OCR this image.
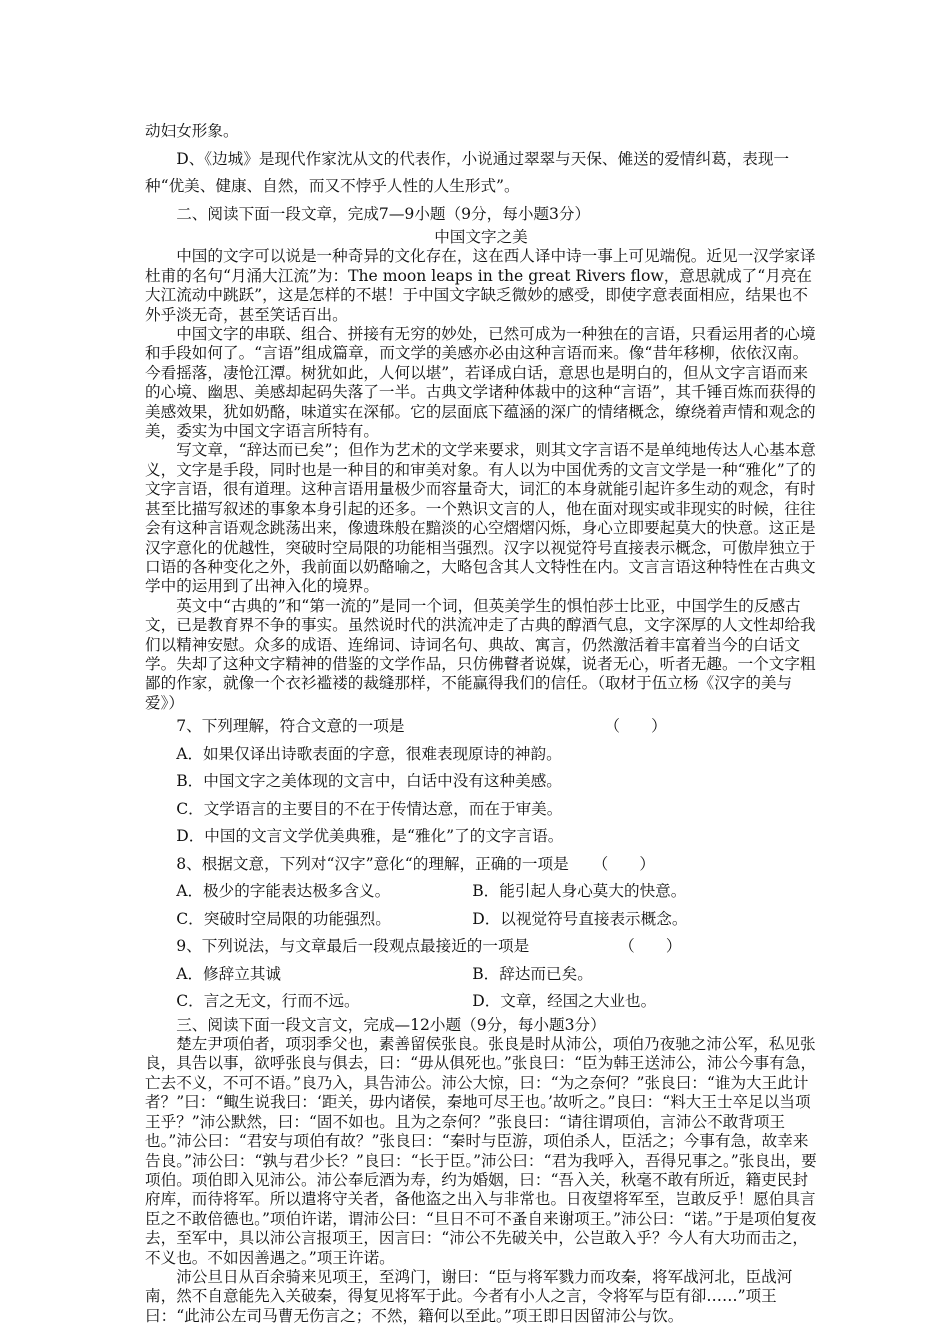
动妇女形象。

D、《边城》是现代作家沈从文的代表作，小说通过翠翠与天保、傩送的爱情纠葛，表现一种“优美、健康、自然，而又不悖乎人性的人生形式”。

二、阅读下面一段文章，完成7—9小题（9分，每小题3分）

中国文字之美

中国的文字可以说是一种奇异的文化存在，这在西人译中诗一事上可见端倪。近见一汉学家译杜甫的名句“月涌大江流”为：The moon leaps in the great Rivers flow，意思就成了“月亮在大江流动中跳跃”，这是怎样的不堪！于中国文字缺乏微妙的感受，即使字意表面相应，结果也不外乎淡无奇，甚至笑话百出。

中国文字的串联、组合、拼接有无穷的妙处，已然可成为一种独在的言语，只看运用者的心境和手段如何了。“言语”组成篇章，而文学的美感亦必由这种言语而来。像“昔年移柳，依依汉南。今看摇落，凄怆江潭。树犹如此，人何以堪”，若译成白话，意思也是明白的，但从文字言语而来的心境、幽思、美感却起码失落了一半。古典文学诸种体裁中的这种“言语”，其千锤百炼而获得的美感效果，犹如奶酪，味道实在深郁。它的层面底下蕴涵的深广的情绪概念，缭绕着声情和观念的美，委实为中国文字语言所特有。

写文章，“辞达而已矣”；但作为艺术的文学来要求，则其文字言语不是单纯地传达人心基本意义，文字是手段，同时也是一种目的和审美对象。有人以为中国优秀的文言文学是一种“雅化”了的文字言语，很有道理。这种言语用量极少而容量奇大，词汇的本身就能引起许多生动的观念，有时甚至比描写叙述的事象本身引起的还多。一个熟识文言的人，他在面对现实或非现实的时候，往往会有这种言语观念跳荡出来，像遗珠般在黯淡的心空熠熠闪烁，身心立即要起莫大的快意。这正是汉字意化的优越性，突破时空局限的功能相当强烈。汉字以视觉符号直接表示概念，可傲岸独立于口语的各种变化之外，我前面以奶酪喻之，大略包含其人文特性在内。文言言语这种特性在古典文学中的运用到了出神入化的境界。

英文中“古典的”和“第一流的”是同一个词，但英美学生的惧怕莎士比亚，中国学生的反感古文，已是教育界不争的事实。虽然说时代的洪流冲走了古典的醇酒气息，文字深厚的人文性却给我们以精神安慰。众多的成语、连绵词、诗词名句、典故、寓言，仍然激活着丰富着当今的白话文学。失却了这种文字精神的借鉴的文学作品，只仿佛瞽者说媒，说者无心，听者无趣。一个文字粗鄙的作家，就像一个衣衫褴褛的裁缝那样，不能赢得我们的信任。（取材于伍立杨《汉字的美与爱》）

7、下列理解，符合文意的一项是	（　　）
A．如果仅译出诗歌表面的字意，很难表现原诗的神韵。
B．中国文字之美体现的文言中，白话中没有这种美感。
C．文学语言的主要目的不在于传情达意，而在于审美。
D．中国的文言文学优美典雅，是“雅化”了的文字言语。
8、根据文意，下列对“汉字”意化“的理解，正确的一项是 （　　）
A．极少的字能表达极多含义。	B．能引起人身心莫大的快意。
C．突破时空局限的功能强烈。	D．以视觉符号直接表示概念。
9、下列说法，与文章最后一段观点最接近的一项是	（　　）
A．修辞立其诚	B．辞达而已矣。
C．言之无文，行而不远。	D．文章，经国之大业也。

三、阅读下面一段文言文，完成—12小题（9分，每小题3分）

楚左尹项伯者，项羽季父也，素善留侯张良。张良是时从沛公，项伯乃夜驰之沛公军，私见张良，具告以事，欲呼张良与俱去，曰：“毋从俱死也。”张良曰：“臣为韩王送沛公，沛公今事有急，亡去不义，不可不语。”良乃入，具告沛公。沛公大惊，曰：“为之奈何？”张良曰：“谁为大王此计者？”曰：“鲰生说我曰：‘距关，毋内诸侯，秦地可尽王也。’故听之。”良曰：“料大王士卒足以当项王乎？”沛公默然，曰：“固不如也。且为之奈何？”张良曰：“请往谓项伯，言沛公不敢背项王也。”沛公曰：“君安与项伯有故？”张良曰：“秦时与臣游，项伯杀人，臣活之；今事有急，故幸来告良。”沛公曰：“孰与君少长？”良曰：“长于臣。”沛公曰：“君为我呼入，吾得兄事之。”张良出，要项伯。项伯即入见沛公。沛公奉卮酒为寿，约为婚姻，曰：“吾入关，秋毫不敢有所近，籍吏民封府库，而待将军。所以遣将守关者，备他盗之出入与非常也。日夜望将军至，岂敢反乎！愿伯具言臣之不敢倍德也。”项伯许诺，谓沛公曰：“旦日不可不蚤自来谢项王。”沛公曰：“诺。”于是项伯复夜去，至军中，具以沛公言报项王，因言曰：“沛公不先破关中，公岂敢入乎？今人有大功而击之，不义也。不如因善遇之。”项王许诺。

沛公旦日从百余骑来见项王，至鸿门，谢曰：“臣与将军戮力而攻秦，将军战河北，臣战河南，然不自意能先入关破秦，得复见将军于此。今者有小人之言，令将军与臣有卻……”项王曰：“此沛公左司马曹无伤言之；不然，籍何以至此。”项王即日因留沛公与饮。
